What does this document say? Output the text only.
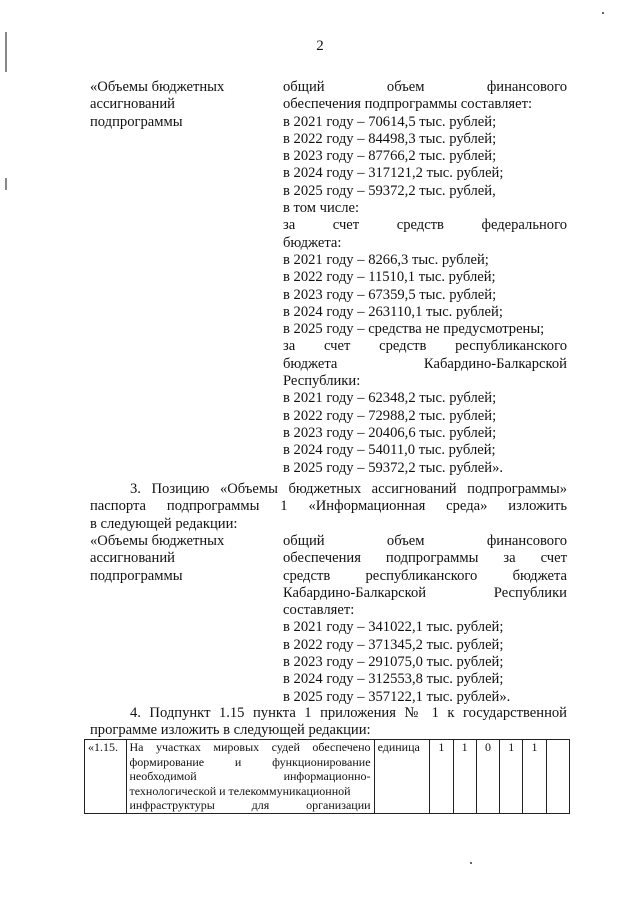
2
«Объемы бюджетных
ассигнований
подпрограммы
общий объем финансового
обеспечения подпрограммы составляет:
в 2021 году – 70614,5 тыс. рублей;
в 2022 году – 84498,3 тыс. рублей;
в 2023 году – 87766,2 тыс. рублей;
в 2024 году – 317121,2 тыс. рублей;
в 2025 году – 59372,2 тыс. рублей,
в том числе:
за счет средств федерального
бюджета:
в 2021 году – 8266,3 тыс. рублей;
в 2022 году – 11510,1 тыс. рублей;
в 2023 году – 67359,5 тыс. рублей;
в 2024 году – 263110,1 тыс. рублей;
в 2025 году – средства не предусмотрены;
за счет средств республиканского
бюджета Кабардино-Балкарской
Республики:
в 2021 году – 62348,2 тыс. рублей;
в 2022 году – 72988,2 тыс. рублей;
в 2023 году – 20406,6 тыс. рублей;
в 2024 году – 54011,0 тыс. рублей;
в 2025 году – 59372,2 тыс. рублей».
3. Позицию «Объемы бюджетных ассигнований подпрограммы»
паспорта подпрограммы 1 «Информационная среда» изложить
в следующей редакции:
«Объемы бюджетных
ассигнований
подпрограммы
общий объем финансового
обеспечения подпрограммы за счет
средств республиканского бюджета
Кабардино-Балкарской Республики
составляет:
в 2021 году – 341022,1 тыс. рублей;
в 2022 году – 371345,2 тыс. рублей;
в 2023 году – 291075,0 тыс. рублей;
в 2024 году – 312553,8 тыс. рублей;
в 2025 году – 357122,1 тыс. рублей».
4. Подпункт 1.15 пункта 1 приложения № 1 к государственной
программе изложить в следующей редакции:
«1.15.	На участках мировых судей обеспечено
формирование и функционирование
необходимой информационно-
технологической и телекоммуникационной
инфраструктуры для организации
	единица	1	1	0	1	1	
